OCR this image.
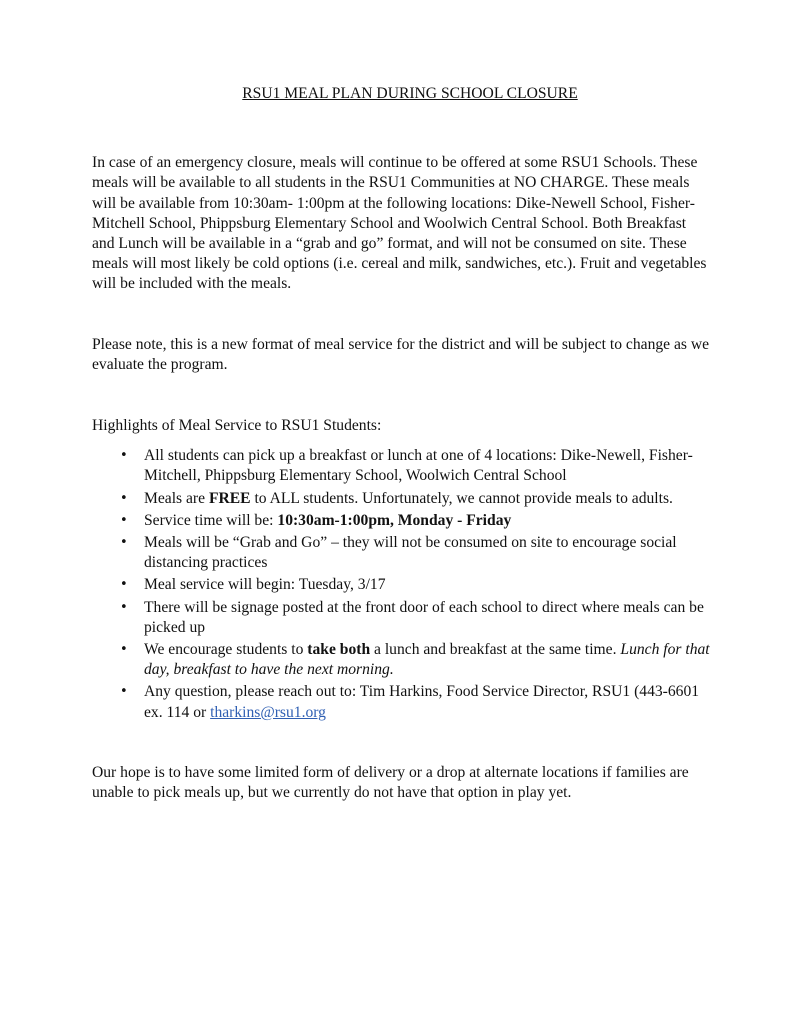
RSU1 MEAL PLAN DURING SCHOOL CLOSURE

In case of an emergency closure, meals will continue to be offered at some RSU1 Schools. These meals will be available to all students in the RSU1 Communities at NO CHARGE. These meals will be available from 10:30am- 1:00pm at the following locations: Dike-Newell School, Fisher-Mitchell School, Phippsburg Elementary School and Woolwich Central School. Both Breakfast and Lunch will be available in a “grab and go” format, and will not be consumed on site. These meals will most likely be cold options (i.e. cereal and milk, sandwiches, etc.). Fruit and vegetables will be included with the meals.

Please note, this is a new format of meal service for the district and will be subject to change as we evaluate the program.

Highlights of Meal Service to RSU1 Students:

• All students can pick up a breakfast or lunch at one of 4 locations: Dike-Newell, Fisher-Mitchell, Phippsburg Elementary School, Woolwich Central School
• Meals are FREE to ALL students. Unfortunately, we cannot provide meals to adults.
• Service time will be: 10:30am-1:00pm, Monday - Friday
• Meals will be “Grab and Go” – they will not be consumed on site to encourage social distancing practices
• Meal service will begin: Tuesday, 3/17
• There will be signage posted at the front door of each school to direct where meals can be picked up
• We encourage students to take both a lunch and breakfast at the same time. Lunch for that day, breakfast to have the next morning.
• Any question, please reach out to: Tim Harkins, Food Service Director, RSU1 (443-6601 ex. 114 or tharkins@rsu1.org

Our hope is to have some limited form of delivery or a drop at alternate locations if families are unable to pick meals up, but we currently do not have that option in play yet.
